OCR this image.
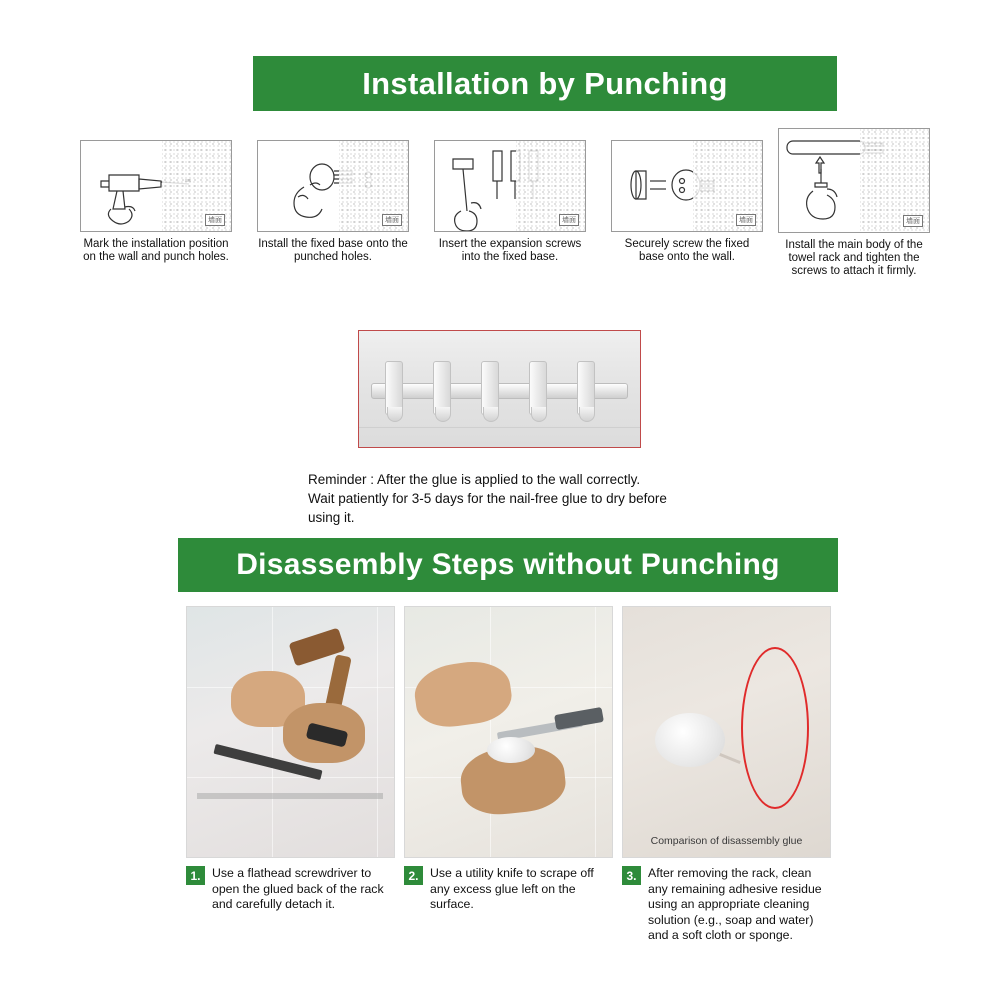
Installation by Punching
墙面
Mark the installation position on the wall and punch holes.
墙面
Install the fixed base onto the punched holes.
墙面
Insert the expansion screws into the fixed base.
墙面
Securely screw the fixed base onto the wall.
墙面
Install the main body of the towel rack and tighten the screws to attach it firmly.
Reminder : After the glue is applied to the wall correctly.
Wait patiently for 3-5 days for the nail-free glue to dry before
using it.
Disassembly Steps without Punching
Comparison of disassembly glue
1. Use a flathead screwdriver to open the glued back of the rack and carefully detach it.
2. Use a utility knife to scrape off any excess glue left on the surface.
3. After removing the rack, clean any remaining adhesive residue using an appropriate cleaning solution (e.g., soap and water) and a soft cloth or sponge.
